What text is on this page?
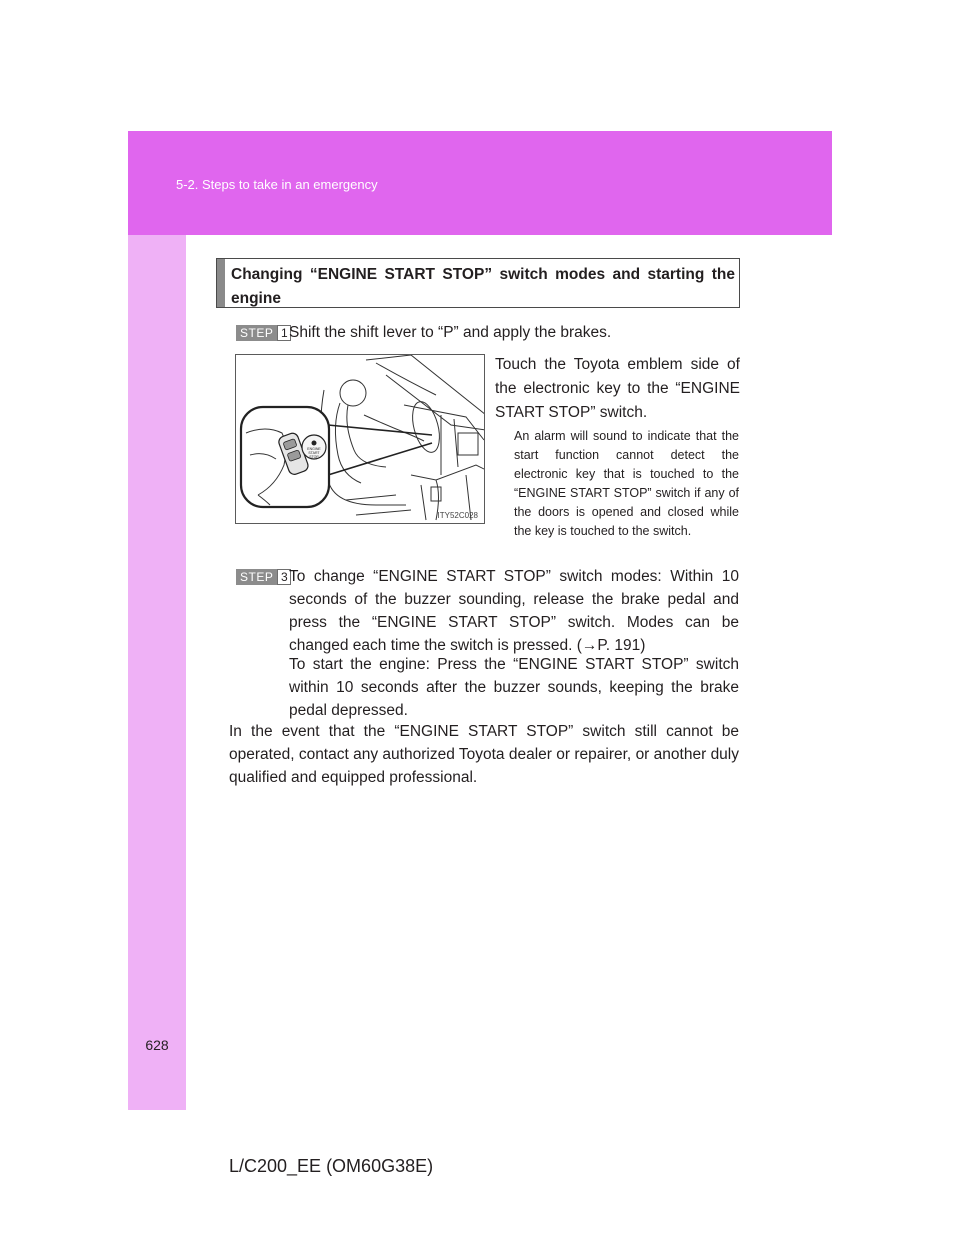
5-2. Steps to take in an emergency
628
Changing “ENGINE START STOP” switch modes and starting the engine
STEP 1 Shift the shift lever to “P” and apply the brakes.
ENGINE
START
STOP
ITY52C028
Touch the Toyota emblem side of the electronic key to the “ENGINE START STOP” switch.
An alarm will sound to indicate that the start function cannot detect the electronic key that is touched to the “ENGINE START STOP” switch if any of the doors is opened and closed while the key is touched to the switch.
STEP 3 To change “ENGINE START STOP” switch modes: Within 10 seconds of the buzzer sounding, release the brake pedal and press the “ENGINE START STOP” switch. Modes can be changed each time the switch is pressed. (→P. 191)
To start the engine: Press the “ENGINE START STOP” switch within 10 seconds after the buzzer sounds, keeping the brake pedal depressed.
In the event that the “ENGINE START STOP” switch still cannot be operated, contact any authorized Toyota dealer or repairer, or another duly qualified and equipped professional.
L/C200_EE (OM60G38E)
